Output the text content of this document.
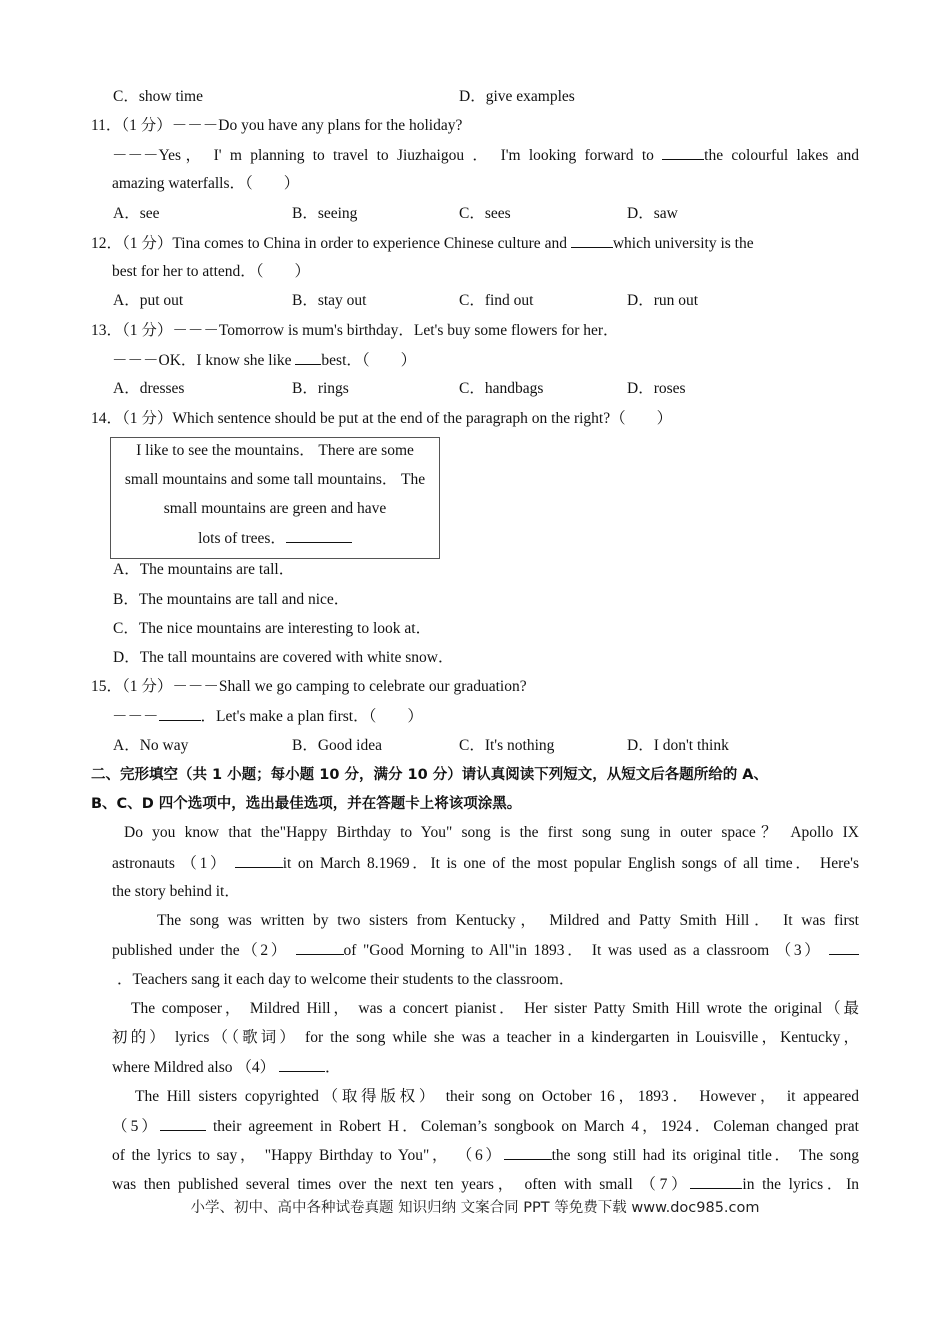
C．show time	D．give examples
11．（1 分）－－－Do you have any plans for the holiday?
－－－Yes， I' m planning to travel to Jiuzhaigou ． I'm looking forward to	the colourful lakes and
amazing waterfalls．（　　）
A．see	B．seeing	C．sees	D．saw
12．（1 分）Tina comes to China in order to experience Chinese culture and	which university is the
best for her to attend．（　　）
A．put out	B．stay out	C．find out	D．run out
13．（1 分）－－－Tomorrow is mum's birthday．Let's buy some flowers for her．
－－－OK．I know she like best．（　　）
A．dresses	B．rings	C．handbags	D．roses
14．（1 分）Which sentence should be put at the end of the paragraph on the right?（　　）
I like to see the mountains． There are some
small mountains and some tall mountains． The
small mountains are green and have
lots of trees．
A．The mountains are tall．
B．The mountains are tall and nice．
C．The nice mountains are interesting to look at．
D．The tall mountains are covered with white snow．
15．（1 分）－－－Shall we go camping to celebrate our graduation?
－－－	．Let's make a plan first．（　　）
A．No way	B．Good idea	C．It's nothing	D．I don't think
二、完形填空（共 1 小题；每小题 10 分，满分 10 分）请认真阅读下列短文，从短文后各题所给的 A、
B、C、D 四个选项中，选出最佳选项，并在答题卡上将该项涂黑。
Do you know that the"Happy Birthday to You" song is the first song sung in outer space？ Apollo IX
astronauts （1）	it on March 8.1969．It is one of the most popular English songs of all time． Here's
the story behind it．
The song was written by two sisters from Kentucky， Mildred and Patty Smith Hill． It was first
published under the（2）	of "Good Morning to All"in 1893． It was used as a classroom （3）
．Teachers sang it each day to welcome their students to the classroom．
The composer， Mildred Hill， was a concert pianist． Her sister Patty Smith Hill wrote the original（最
初的） lyrics（（歌词） for the song while she was a teacher in a kindergarten in Louisville，Kentucky，
where Mildred also （4）	．
The Hill sisters copyrighted（取得版权） their song on October 16，1893． However， it appeared
（5）	their agreement in Robert H．Coleman’s songbook on March 4，1924．Coleman changed prat
of the lyrics to say， "Happy Birthday to You"， （6）	the song still had its original title． The song
was then published several times over the next ten years， often with small （7）	in the lyrics．In
小学、初中、高中各种试卷真题 知识归纳 文案合同 PPT 等免费下载 www.doc985.com
